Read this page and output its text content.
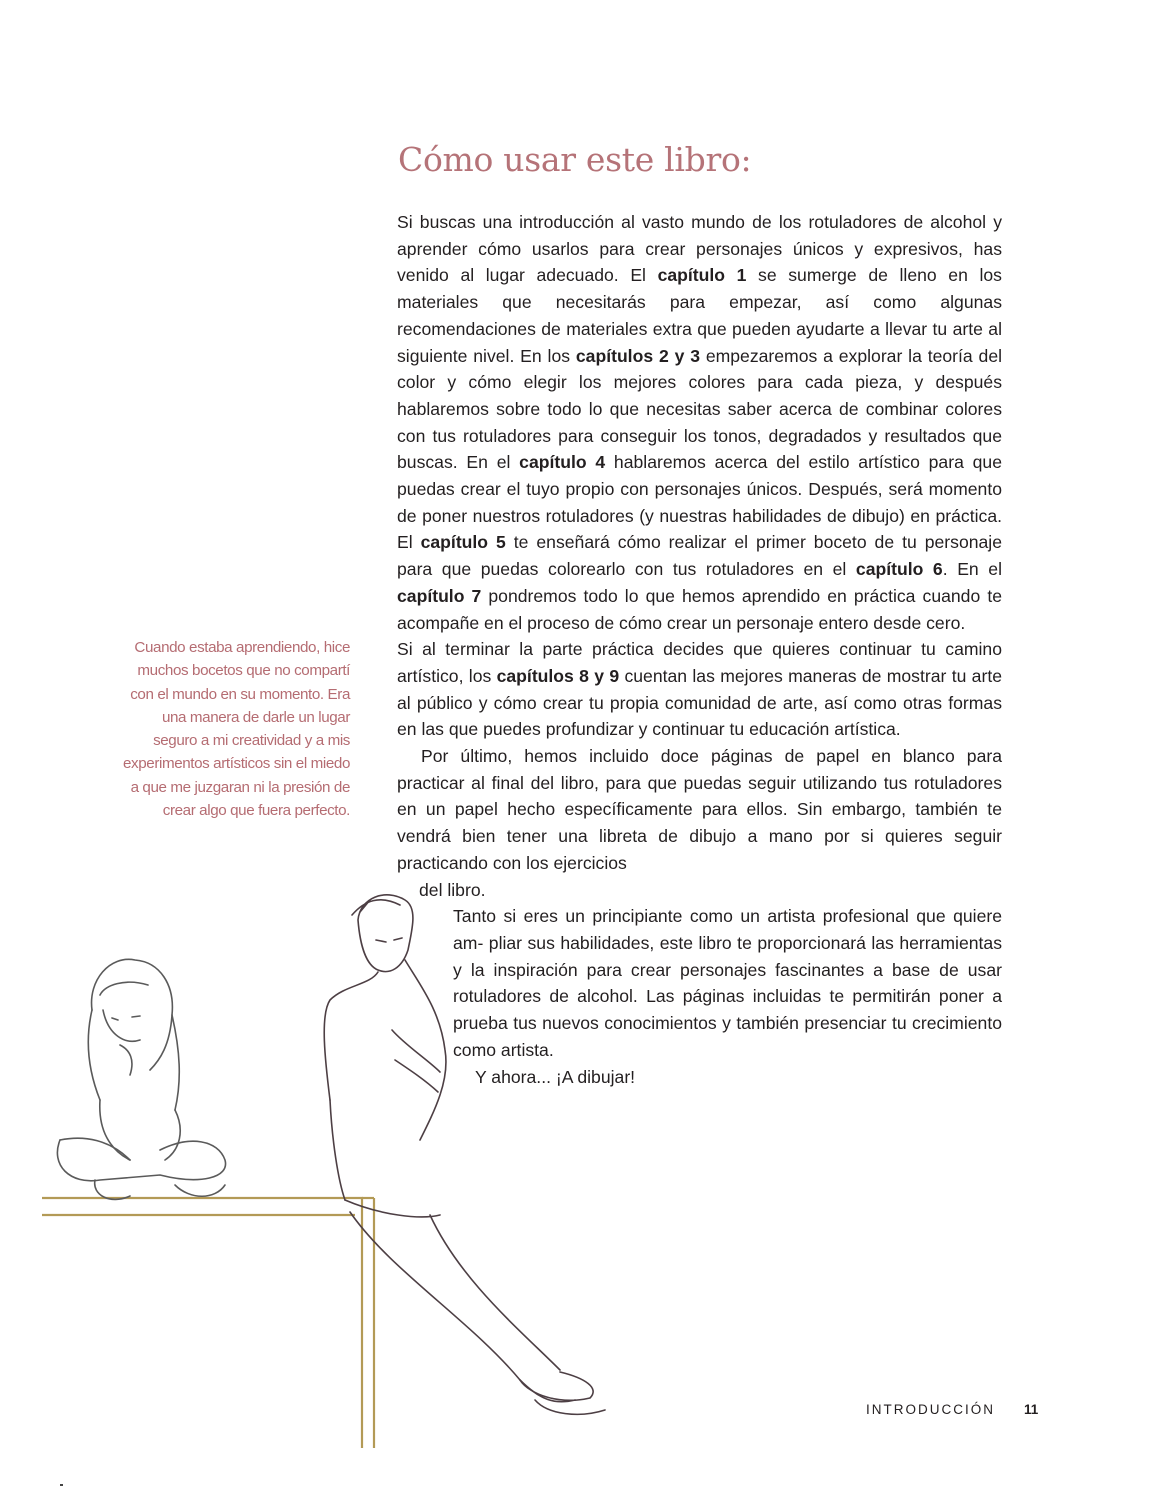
Cómo usar este libro:

Si buscas una introducción al vasto mundo de los rotuladores de alcohol y aprender cómo usarlos para crear personajes únicos y expresivos, has venido al lugar adecuado. El capítulo 1 se sumerge de lleno en los materiales que necesitarás para empezar, así como algunas recomendaciones de materiales extra que pueden ayudarte a llevar tu arte al siguiente nivel. En los capítulos 2 y 3 empezaremos a explorar la teoría del color y cómo elegir los mejores colores para cada pieza, y después hablaremos sobre todo lo que necesitas saber acerca de combinar colores con tus rotuladores para conseguir los tonos, degradados y resultados que buscas. En el capítulo 4 hablaremos acerca del estilo artístico para que puedas crear el tuyo propio con personajes únicos. Después, será momento de poner nuestros rotuladores (y nuestras habilidades de dibujo) en práctica. El capítulo 5 te enseñará cómo realizar el primer boceto de tu personaje para que puedas colorearlo con tus rotuladores en el capítulo 6. En el capítulo 7 pondremos todo lo que hemos aprendido en práctica cuando te acompañe en el proceso de cómo crear un personaje entero desde cero.

Si al terminar la parte práctica decides que quieres continuar tu camino artístico, los capítulos 8 y 9 cuentan las mejores maneras de mostrar tu arte al público y cómo crear tu propia comunidad de arte, así como otras formas en las que puedes profundizar y continuar tu educación artística.

Por último, hemos incluido doce páginas de papel en blanco para practicar al final del libro, para que puedas seguir utilizando tus rotuladores en un papel hecho específicamente para ellos. Sin embargo, también te vendrá bien tener una libreta de dibujo a mano por si quieres seguir practicando con los ejercicios

del libro.

Tanto si eres un principiante como un artista profesional que quiere am- pliar sus habilidades, este libro te proporcionará las herramientas y la inspiración para crear personajes fascinantes a base de usar rotuladores de alcohol. Las páginas incluidas te permitirán poner a prueba tus nuevos conocimientos y también presenciar tu crecimiento como artista.

Y ahora... ¡A dibujar!

Cuando estaba aprendiendo, hice muchos bocetos que no compartí con el mundo en su momento. Era una manera de darle un lugar seguro a mi creatividad y a mis experimentos artísticos sin el miedo a que me juzgaran ni la presión de crear algo que fuera perfecto.

INTRODUCCIÓN 11
